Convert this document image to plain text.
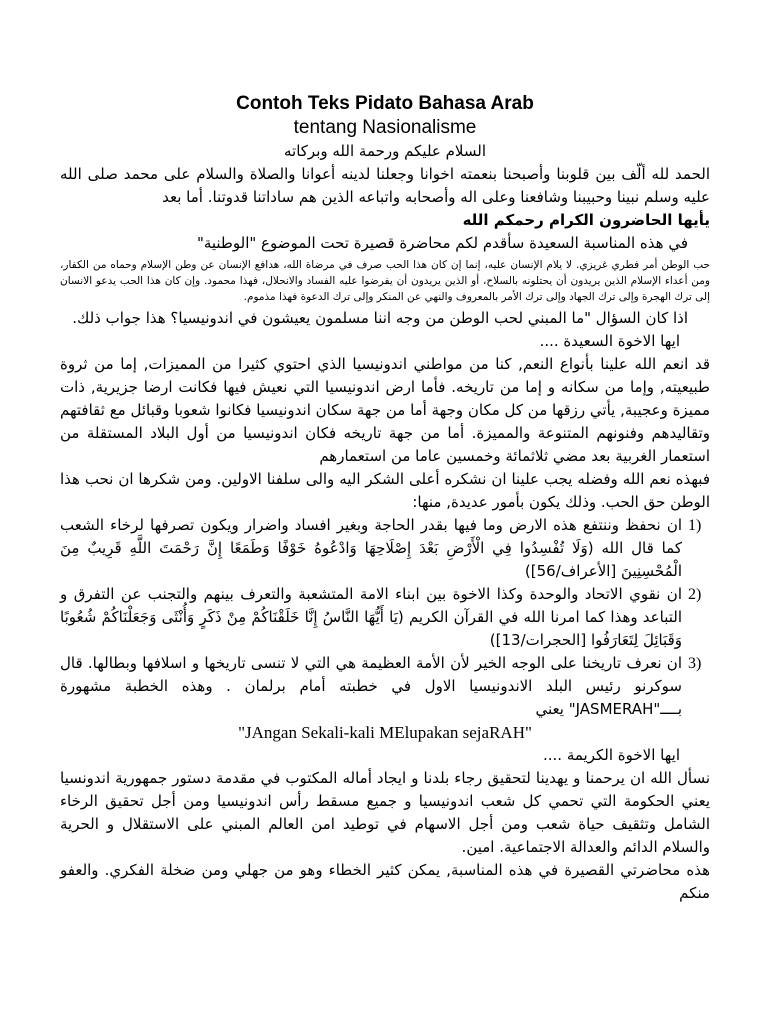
Contoh Teks Pidato Bahasa Arab
tentang Nasionalisme

السلام عليكم ورحمة الله وبركاته

الحمد لله ألّف بين قلوبنا وأصبحنا بنعمته اخوانا وجعلنا لدينه أعوانا والصلاة والسلام على محمد صلى الله عليه وسلم نبينا وحبيبنا وشافعنا وعلى اله وأصحابه واتباعه الذين هم ساداتنا قدوتنا. أما بعد

يأيها الحاضرون الكرام رحمكم الله

في هذه المناسبة السعيدة سأقدم لكم محاضرة قصيرة تحت الموضوع "الوطنية"

حب الوطن أمر فطري غريزي. لا يلام الإنسان عليه، إنما إن كان هذا الحب صرف في مرضاة الله، هدافع الإنسان عن وطن الإسلام وحماه من الكفار، ومن أعداء الإسلام الذين يريدون أن يحتلونه بالسلاح، أو الذين يريدون أن يفرضوا عليه الفساد والانحلال، فهذا محمود. وإن كان هذا الحب يدعو الانسان إلى ترك الهجرة وإلى ترك الجهاد وإلى ترك الأمر بالمعروف والنهي عن المنكر وإلى ترك الدعوة فهذا مذموم.

اذا كان السؤال "ما المبني لحب الوطن من وجه اننا مسلمون يعيشون في اندونيسيا؟ هذا جواب ذلك.

ايها الاخوة السعيدة ....

قد انعم الله علينا بأنواع النعم, كنا من مواطني اندونيسيا الذي احتوي كثيرا من المميزات, إما من ثروة طبيعيته, وإما من سكانه و إما من تاريخه. فأما ارض اندونيسيا التي نعيش فيها فكانت ارضا جزيرية, ذات مميزة وعجيبة, يأتي رزقها من كل مكان وجهة أما من جهة سكان اندونيسيا فكانوا شعوبا وقبائل مع ثقافتهم وتقاليدهم وفنونهم المتنوعة والمميزة. أما من جهة تاريخه فكان اندونيسيا من أول البلاد المستقلة من استعمار الغربية بعد مضي ثلاثمائة وخمسين عاما من استعمارهم

فبهذه نعم الله وفضله يجب علينا ان نشكره أعلى الشكر اليه والى سلفنا الاولين. ومن شكرها ان نحب هذا الوطن حق الحب. وذلك يكون بأمور عديدة, منها:

ان نحفظ وننتفع هذه الارض وما فيها بقدر الحاجة وبغير افساد واضرار ويكون تصرفها لرخاء الشعب كما قال الله (وَلَا تُفْسِدُوا فِي الْأَرْضِ بَعْدَ إِصْلَاحِهَا وَادْعُوهُ خَوْفًا وَطَمَعًا إِنَّ رَحْمَتَ اللَّهِ قَرِيبٌ مِنَ الْمُحْسِنِينَ [الأعراف/56])
1)
ان نقوي الاتحاد والوحدة وكذا الاخوة بين ابناء الامة المتشعبة والتعرف بينهم والتجنب عن التفرق و التباعد وهذا كما امرنا الله في القرآن الكريم (يَا أَيُّهَا النَّاسُ إِنَّا خَلَقْنَاكُمْ مِنْ ذَكَرٍ وَأُنْثَى وَجَعَلْنَاكُمْ شُعُوبًا وَقَبَائِلَ لِتَعَارَفُوا [الحجرات/13])
2)
ان نعرف تاريخنا على الوجه الخير لأن الأمة العظيمة هي التي لا تنسى تاريخها و اسلافها وبطالها. قال سوكرنو رئيس البلد الاندونيسيا الاول في خطبته أمام برلمان . وهذه الخطبة مشهورة بــــ"JASMERAH" يعني
3)

"JAngan Sekali-kali MElupakan sejaRAH"

ايها الاخوة الكريمة ....

نسأل الله ان يرحمنا و يهدينا لتحقيق رجاء بلدنا و ايجاد أماله المكتوب في مقدمة دستور جمهورية اندونسيا يعني الحكومة التي تحمي كل شعب اندونيسيا و جميع مسقط رأس اندونيسيا ومن أجل تحقيق الرخاء الشامل وتثقيف حياة شعب ومن أجل الاسهام في توطيد امن العالم المبني على الاستقلال و الحرية والسلام الدائم والعدالة الاجتماعية. امين.

هذه محاضرتي القصيرة في هذه المناسبة, يمكن كثير الخطاء وهو من جهلي ومن ضخلة الفكري. والعفو منكم
